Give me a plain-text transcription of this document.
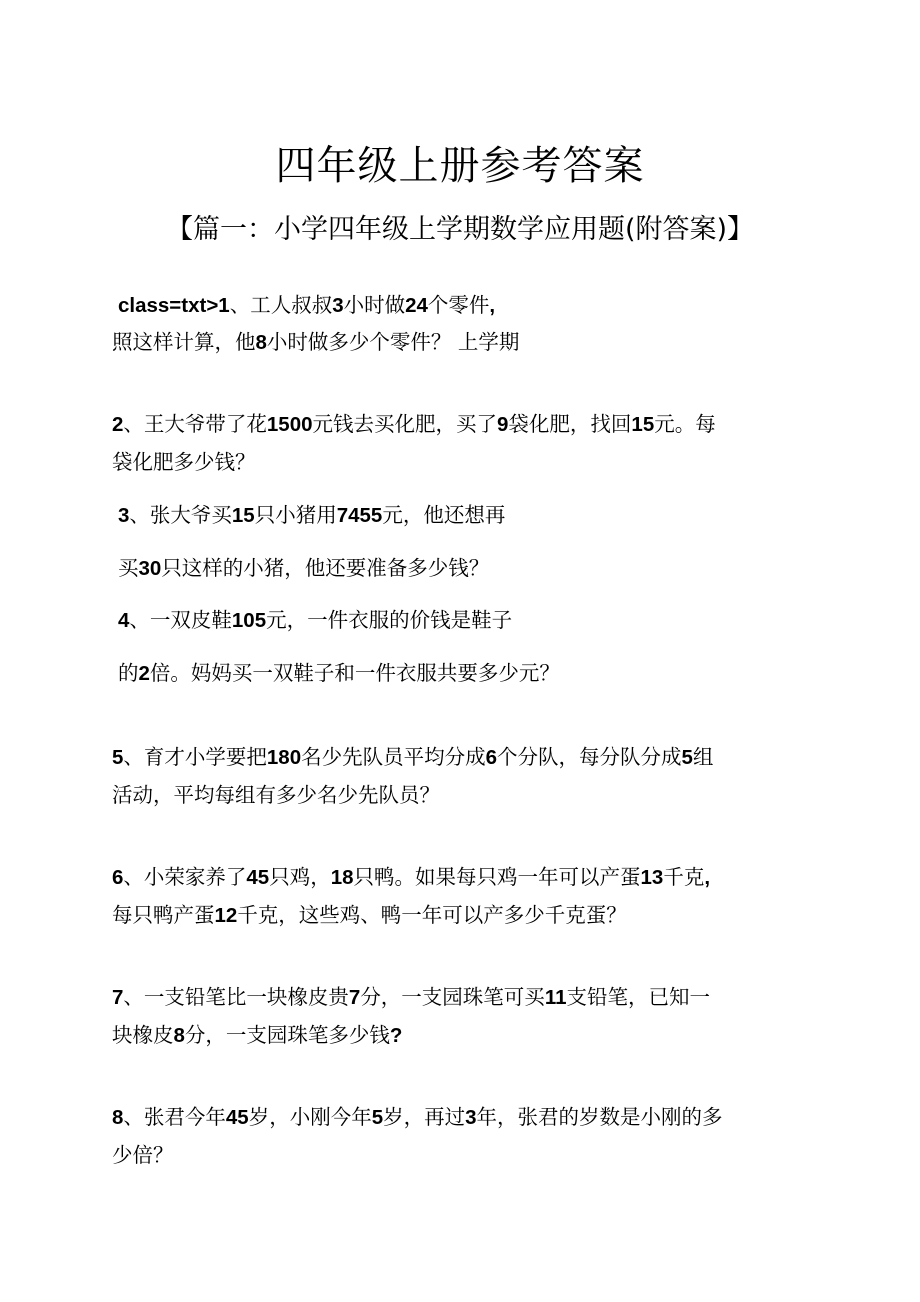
四年级上册参考答案
【篇一：小学四年级上学期数学应用题(附答案)】
class=txt>1、工人叔叔3小时做24个零件,
照这样计算，他8小时做多少个零件？ 上学期
2、王大爷带了花1500元钱去买化肥，买了9袋化肥，找回15元。每
袋化肥多少钱？
3、张大爷买15只小猪用7455元，他还想再
买30只这样的小猪，他还要准备多少钱？
4、一双皮鞋105元，一件衣服的价钱是鞋子
的2倍。妈妈买一双鞋子和一件衣服共要多少元？
5、育才小学要把180名少先队员平均分成6个分队，每分队分成5组
活动，平均每组有多少名少先队员？
6、小荣家养了45只鸡，18只鸭。如果每只鸡一年可以产蛋13千克,
每只鸭产蛋12千克，这些鸡、鸭一年可以产多少千克蛋？
7、一支铅笔比一块橡皮贵7分，一支园珠笔可买11支铅笔，已知一
块橡皮8分，一支园珠笔多少钱?
8、张君今年45岁，小刚今年5岁，再过3年，张君的岁数是小刚的多
少倍？
